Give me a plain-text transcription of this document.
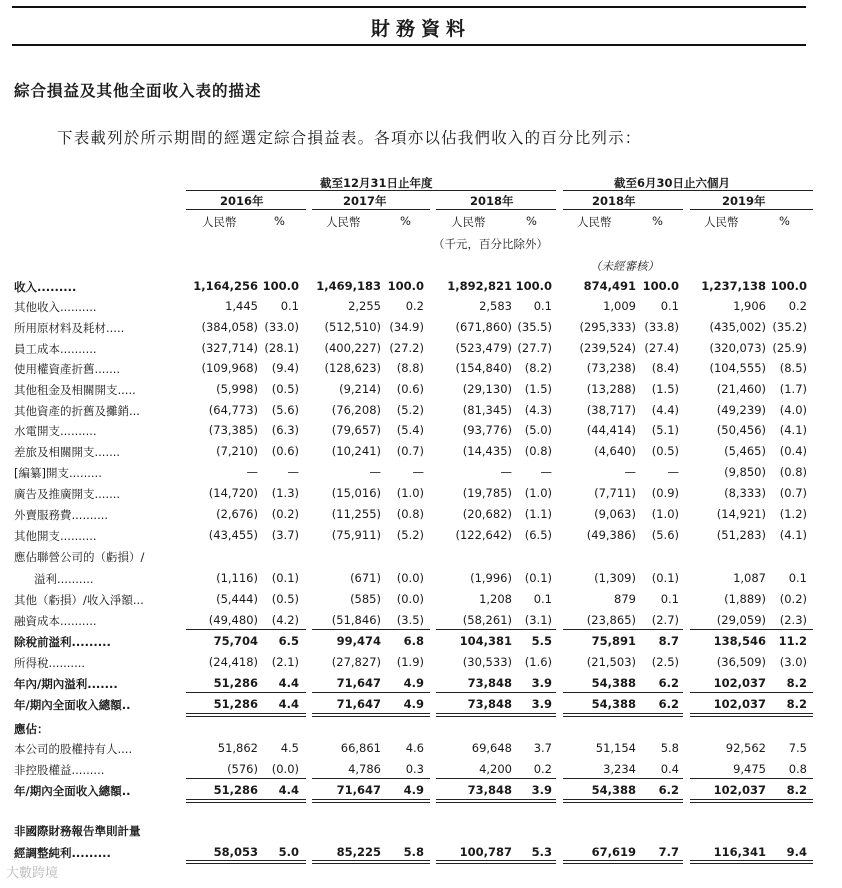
財務資料
綜合損益及其他全面收入表的描述
下表載列於所示期間的經選定綜合損益表。各項亦以佔我們收入的百分比列示：
截至12月31日止年度	截至6月30日止六個月
2016年	2017年	2018年	2018年	2019年
人民幣	%	人民幣	%	人民幣	%	人民幣	%	人民幣	%
（千元，百分比除外）
（未經審核）
收入.........	1,164,256 100.0	1,469,183 100.0	1,892,821 100.0	874,491 100.0	1,237,138 100.0
其他收入..........	1,445	0.1	2,255	0.2	2,583	0.1	1,009	0.1	1,906	0.2
所用原材料及耗材.....	(384,058) (33.0)	(512,510) (34.9)	(671,860) (35.5)	(295,333) (33.8)	(435,002) (35.2)
員工成本..........	(327,714) (28.1)	(400,227) (27.2)	(523,479) (27.7)	(239,524) (27.4)	(320,073) (25.9)
使用權資產折舊.......	(109,968)	(9.4)	(128,623)	(8.8)	(154,840)	(8.2)	(73,238)	(8.4)	(104,555)	(8.5)
其他租金及相關開支.....	(5,998)	(0.5)	(9,214)	(0.6)	(29,130)	(1.5)	(13,288)	(1.5)	(21,460)	(1.7)
其他資產的折舊及攤銷...	(64,773)	(5.6)	(76,208)	(5.2)	(81,345)	(4.3)	(38,717)	(4.4)	(49,239)	(4.0)
水電開支..........	(73,385)	(6.3)	(79,657)	(5.4)	(93,776)	(5.0)	(44,414)	(5.1)	(50,456)	(4.1)
差旅及相關開支.......	(7,210)	(0.6)	(10,241)	(0.7)	(14,435)	(0.8)	(4,640)	(0.5)	(5,465)	(0.4)
[編纂]開支.........	—	—	—	—	—	—	—	—	(9,850)	(0.8)
廣告及推廣開支.......	(14,720)	(1.3)	(15,016)	(1.0)	(19,785)	(1.0)	(7,711)	(0.9)	(8,333)	(0.7)
外賣服務費..........	(2,676)	(0.2)	(11,255)	(0.8)	(20,682)	(1.1)	(9,063)	(1.0)	(14,921)	(1.2)
其他開支..........	(43,455)	(3.7)	(75,911)	(5.2)	(122,642)	(6.5)	(49,386)	(5.6)	(51,283)	(4.1)
應佔聯營公司的（虧損）/
溢利..........	(1,116)	(0.1)	(671)	(0.0)	(1,996)	(0.1)	(1,309)	(0.1)	1,087	0.1
其他（虧損）/收入淨額...	(5,444)	(0.5)	(585)	(0.0)	1,208	0.1	879	0.1	(1,889)	(0.2)
融資成本..........	(49,480)	(4.2)	(51,846)	(3.5)	(58,261)	(3.1)	(23,865)	(2.7)	(29,059)	(2.3)
除稅前溢利.........	75,704	6.5	99,474	6.8	104,381	5.5	75,891	8.7	138,546	11.2
所得稅..........	(24,418)	(2.1)	(27,827)	(1.9)	(30,533)	(1.6)	(21,503)	(2.5)	(36,509)	(3.0)
年內/期內溢利.......	51,286	4.4	71,647	4.9	73,848	3.9	54,388	6.2	102,037	8.2
年/期內全面收入總額..	51,286	4.4	71,647	4.9	73,848	3.9	54,388	6.2	102,037	8.2
應佔：
本公司的股權持有人....	51,862	4.5	66,861	4.6	69,648	3.7	51,154	5.8	92,562	7.5
非控股權益.........	(576)	(0.0)	4,786	0.3	4,200	0.2	3,234	0.4	9,475	0.8
年/期內全面收入總額..	51,286	4.4	71,647	4.9	73,848	3.9	54,388	6.2	102,037	8.2
非國際財務報告準則計量
經調整純利.........	58,053	5.0	85,225	5.8	100,787	5.3	67,619	7.7	116,341	9.4
大數跨境
